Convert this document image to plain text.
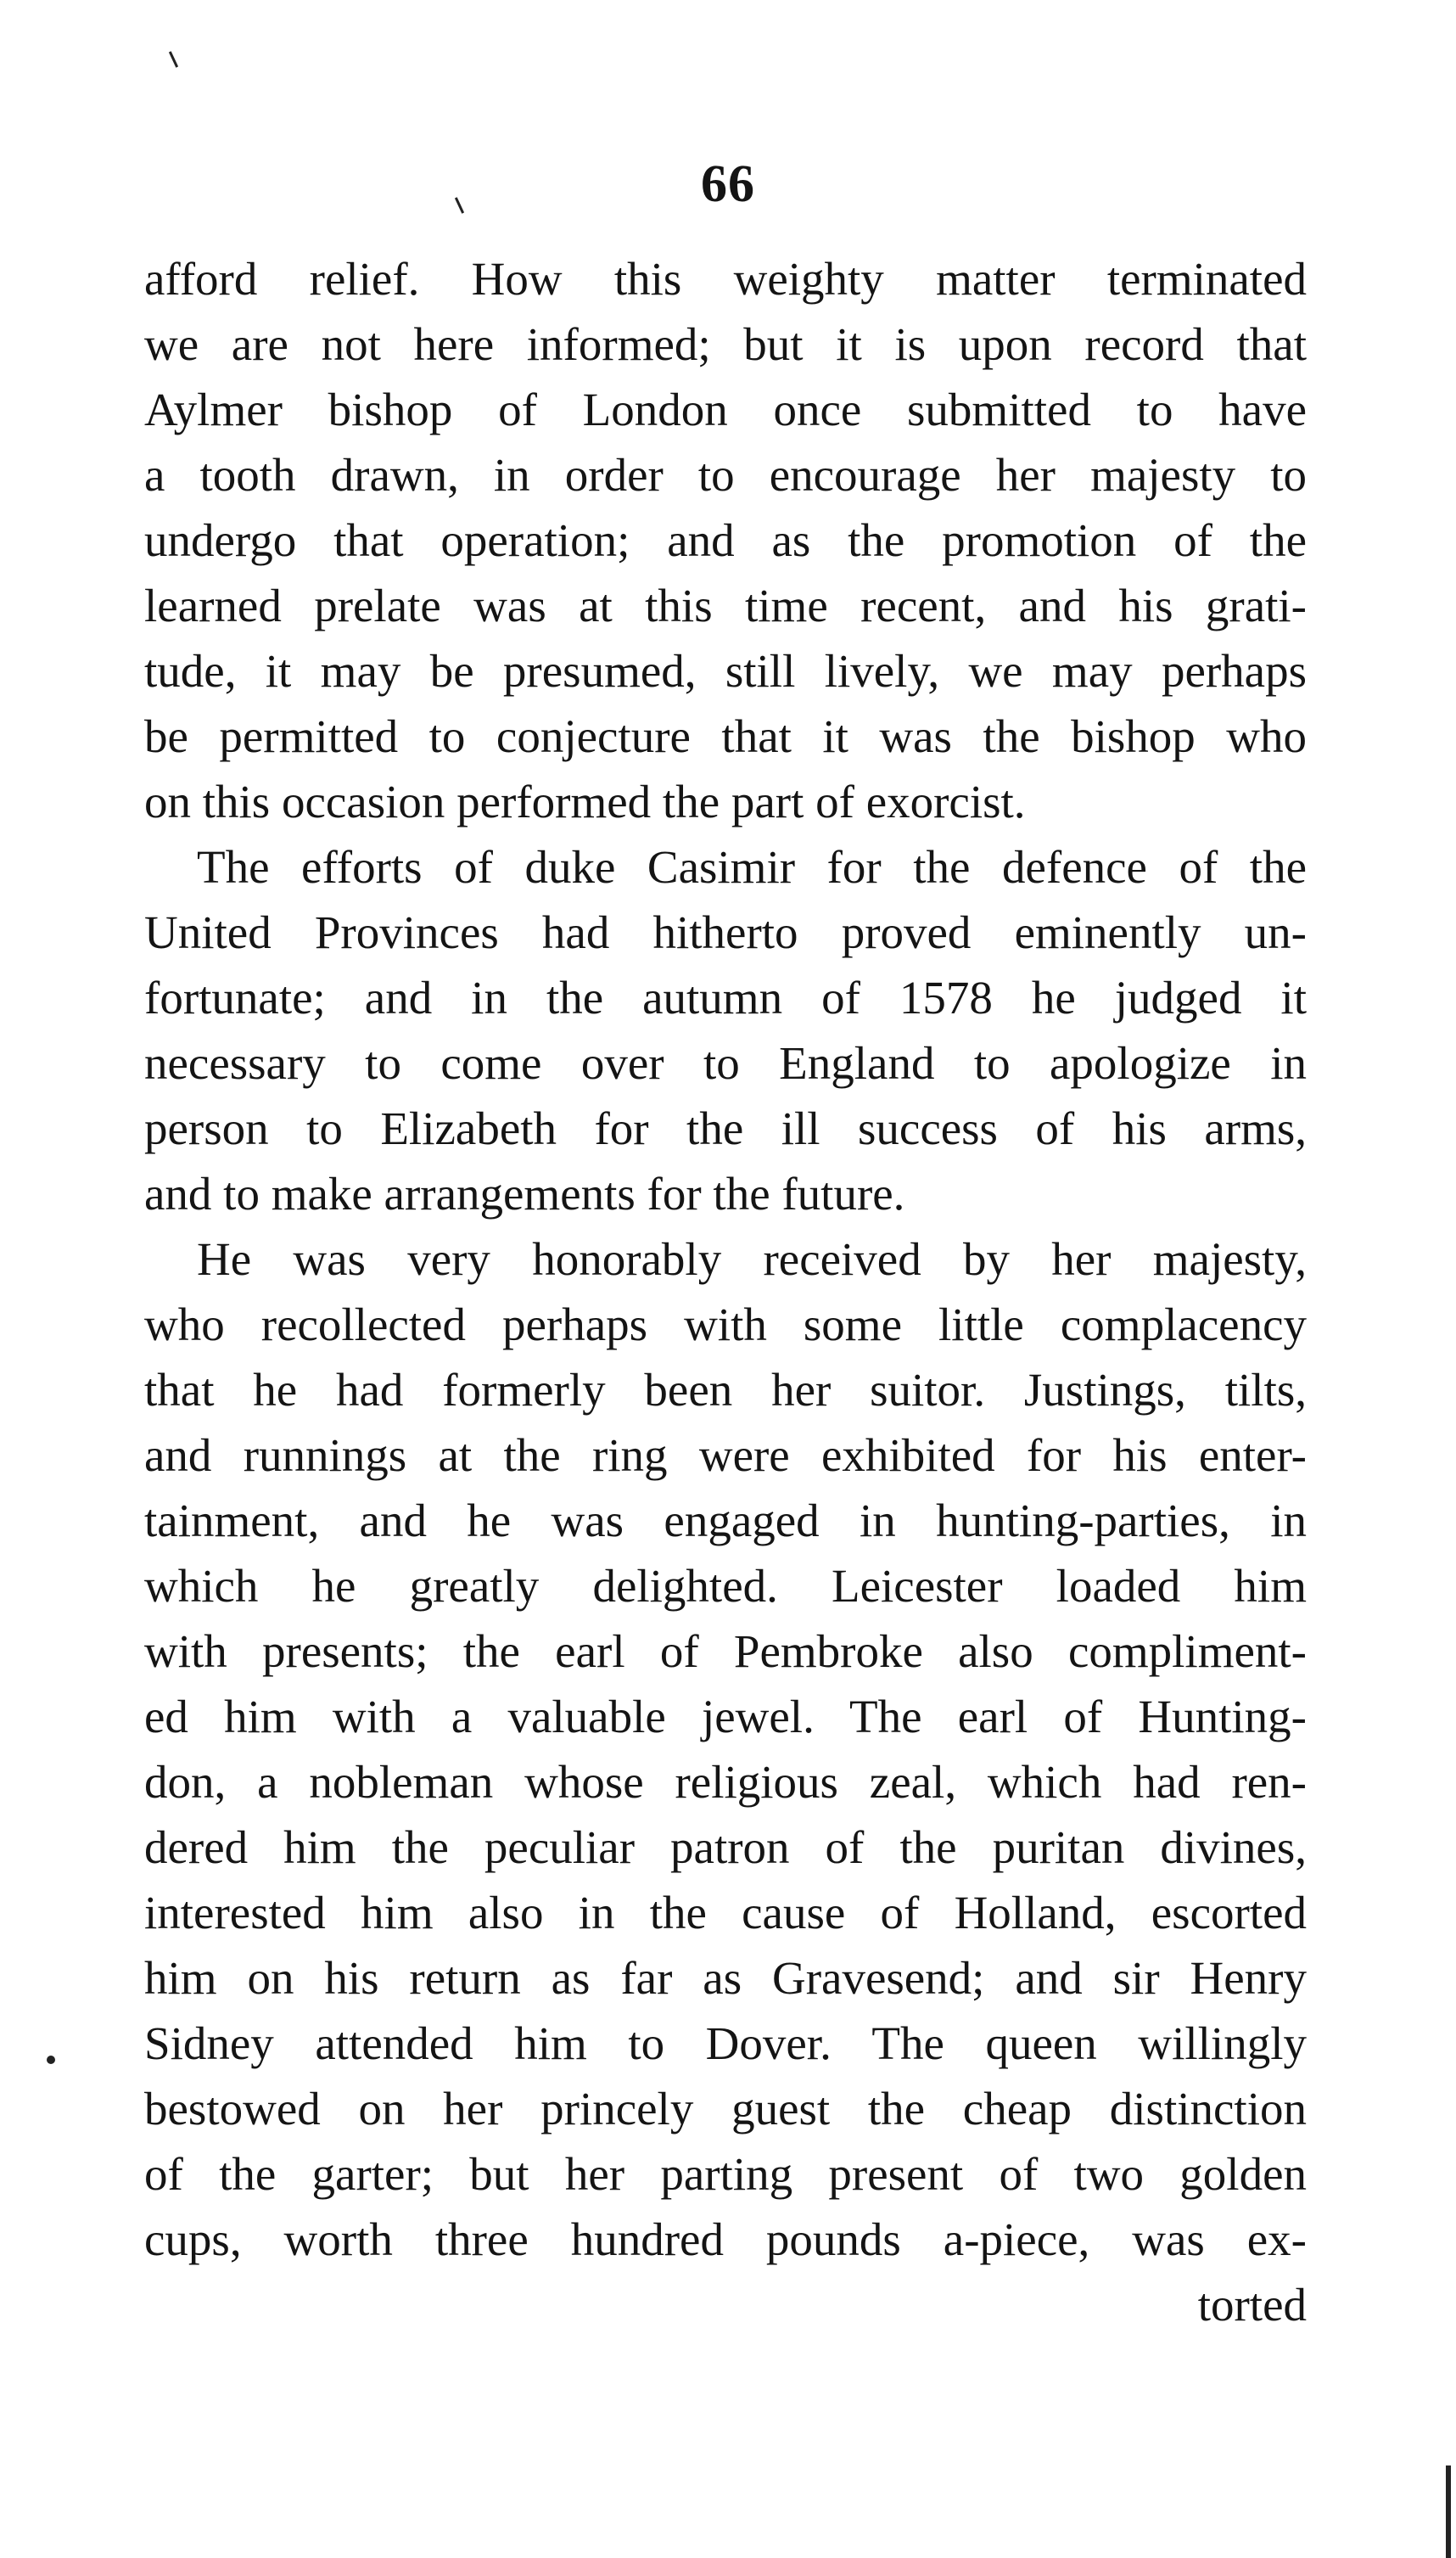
66
afford relief. How this weighty matter terminated
we are not here informed; but it is upon record that
Aylmer bishop of London once submitted to have
a tooth drawn, in order to encourage her majesty to
undergo that operation; and as the promotion of the
learned prelate was at this time recent, and his grati-
tude, it may be presumed, still lively, we may perhaps
be permitted to conjecture that it was the bishop who
on this occasion performed the part of exorcist.
The efforts of duke Casimir for the defence of the
United Provinces had hitherto proved eminently un-
fortunate; and in the autumn of 1578 he judged it
necessary to come over to England to apologize in
person to Elizabeth for the ill success of his arms,
and to make arrangements for the future.
He was very honorably received by her majesty,
who recollected perhaps with some little complacency
that he had formerly been her suitor. Justings, tilts,
and runnings at the ring were exhibited for his enter-
tainment, and he was engaged in hunting-parties, in
which he greatly delighted. Leicester loaded him
with presents; the earl of Pembroke also compliment-
ed him with a valuable jewel. The earl of Hunting-
don, a nobleman whose religious zeal, which had ren-
dered him the peculiar patron of the puritan divines,
interested him also in the cause of Holland, escorted
him on his return as far as Gravesend; and sir Henry
Sidney attended him to Dover. The queen willingly
bestowed on her princely guest the cheap distinction
of the garter; but her parting present of two golden
cups, worth three hundred pounds a-piece, was ex-
torted
